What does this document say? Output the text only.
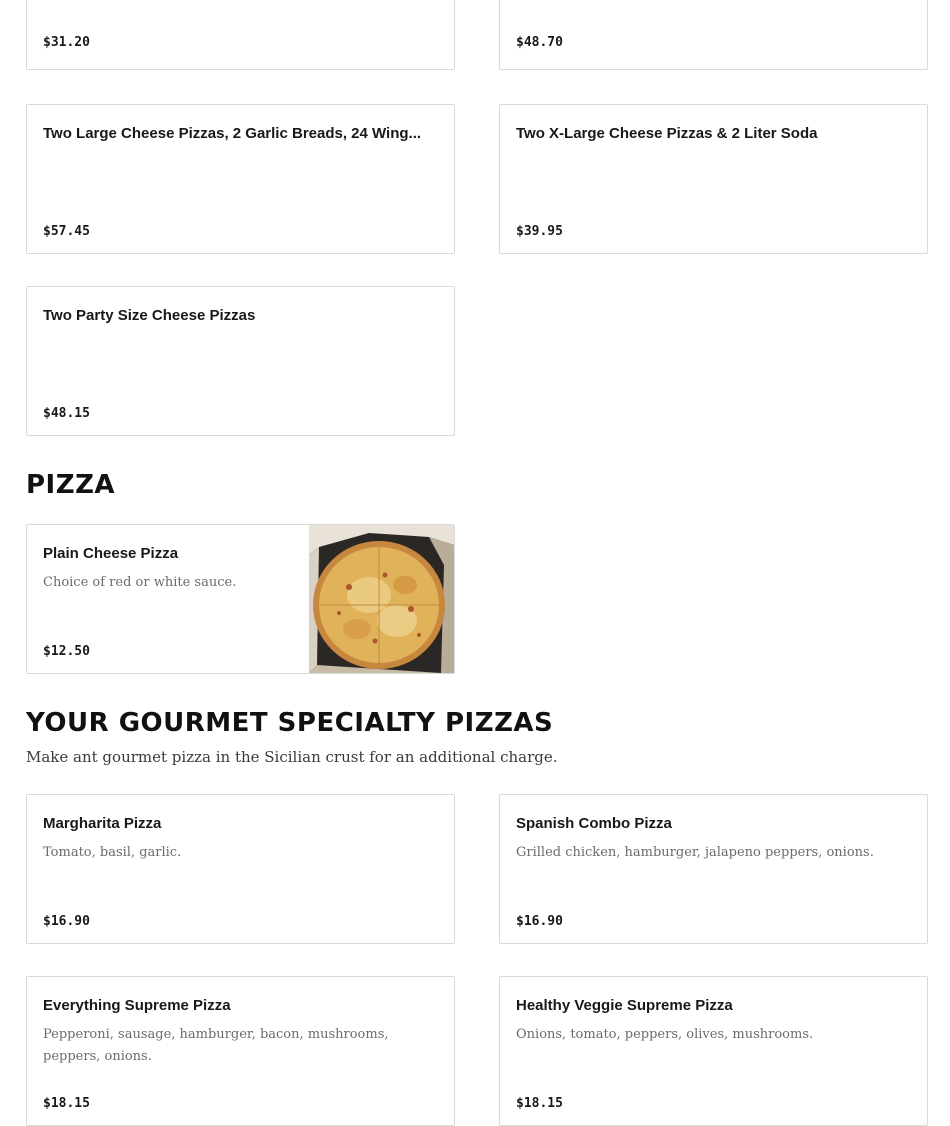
$31.20	$48.70
Two Large Cheese Pizzas, 2 Garlic Breads, 24 Wing...
$57.45
Two X-Large Cheese Pizzas & 2 Liter Soda
$39.95
Two Party Size Cheese Pizzas
$48.15
PIZZA
Plain Cheese Pizza
Choice of red or white sauce.
$12.50
YOUR GOURMET SPECIALTY PIZZAS

Make ant gourmet pizza in the Sicilian crust for an additional charge.

Margharita Pizza
Tomato, basil, garlic.
$16.90
Spanish Combo Pizza
Grilled chicken, hamburger, jalapeno peppers, onions.
$16.90
Everything Supreme Pizza
Pepperoni, sausage, hamburger, bacon, mushrooms, peppers, onions.
$18.15
Healthy Veggie Supreme Pizza
Onions, tomato, peppers, olives, mushrooms.
$18.15
